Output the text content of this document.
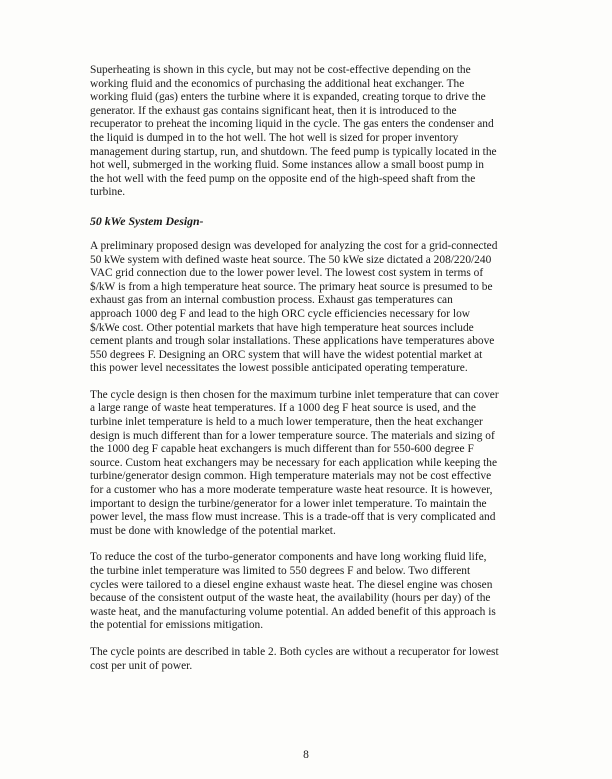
Superheating is shown in this cycle, but may not be cost-effective depending on the
working fluid and the economics of purchasing the additional heat exchanger. The
working fluid (gas) enters the turbine where it is expanded, creating torque to drive the
generator. If the exhaust gas contains significant heat, then it is introduced to the
recuperator to preheat the incoming liquid in the cycle. The gas enters the condenser and
the liquid is dumped in to the hot well. The hot well is sized for proper inventory
management during startup, run, and shutdown. The feed pump is typically located in the
hot well, submerged in the working fluid. Some instances allow a small boost pump in
the hot well with the feed pump on the opposite end of the high-speed shaft from the
turbine.

50 kWe System Design-

A preliminary proposed design was developed for analyzing the cost for a grid-connected
50 kWe system with defined waste heat source. The 50 kWe size dictated a 208/220/240
VAC grid connection due to the lower power level. The lowest cost system in terms of
$/kW is from a high temperature heat source. The primary heat source is presumed to be
exhaust gas from an internal combustion process. Exhaust gas temperatures can
approach 1000 deg F and lead to the high ORC cycle efficiencies necessary for low
$/kWe cost. Other potential markets that have high temperature heat sources include
cement plants and trough solar installations. These applications have temperatures above
550 degrees F. Designing an ORC system that will have the widest potential market at
this power level necessitates the lowest possible anticipated operating temperature.

The cycle design is then chosen for the maximum turbine inlet temperature that can cover
a large range of waste heat temperatures. If a 1000 deg F heat source is used, and the
turbine inlet temperature is held to a much lower temperature, then the heat exchanger
design is much different than for a lower temperature source. The materials and sizing of
the 1000 deg F capable heat exchangers is much different than for 550-600 degree F
source. Custom heat exchangers may be necessary for each application while keeping the
turbine/generator design common. High temperature materials may not be cost effective
for a customer who has a more moderate temperature waste heat resource. It is however,
important to design the turbine/generator for a lower inlet temperature. To maintain the
power level, the mass flow must increase. This is a trade-off that is very complicated and
must be done with knowledge of the potential market.

To reduce the cost of the turbo-generator components and have long working fluid life,
the turbine inlet temperature was limited to 550 degrees F and below. Two different
cycles were tailored to a diesel engine exhaust waste heat. The diesel engine was chosen
because of the consistent output of the waste heat, the availability (hours per day) of the
waste heat, and the manufacturing volume potential. An added benefit of this approach is
the potential for emissions mitigation.

The cycle points are described in table 2. Both cycles are without a recuperator for lowest
cost per unit of power.

8
